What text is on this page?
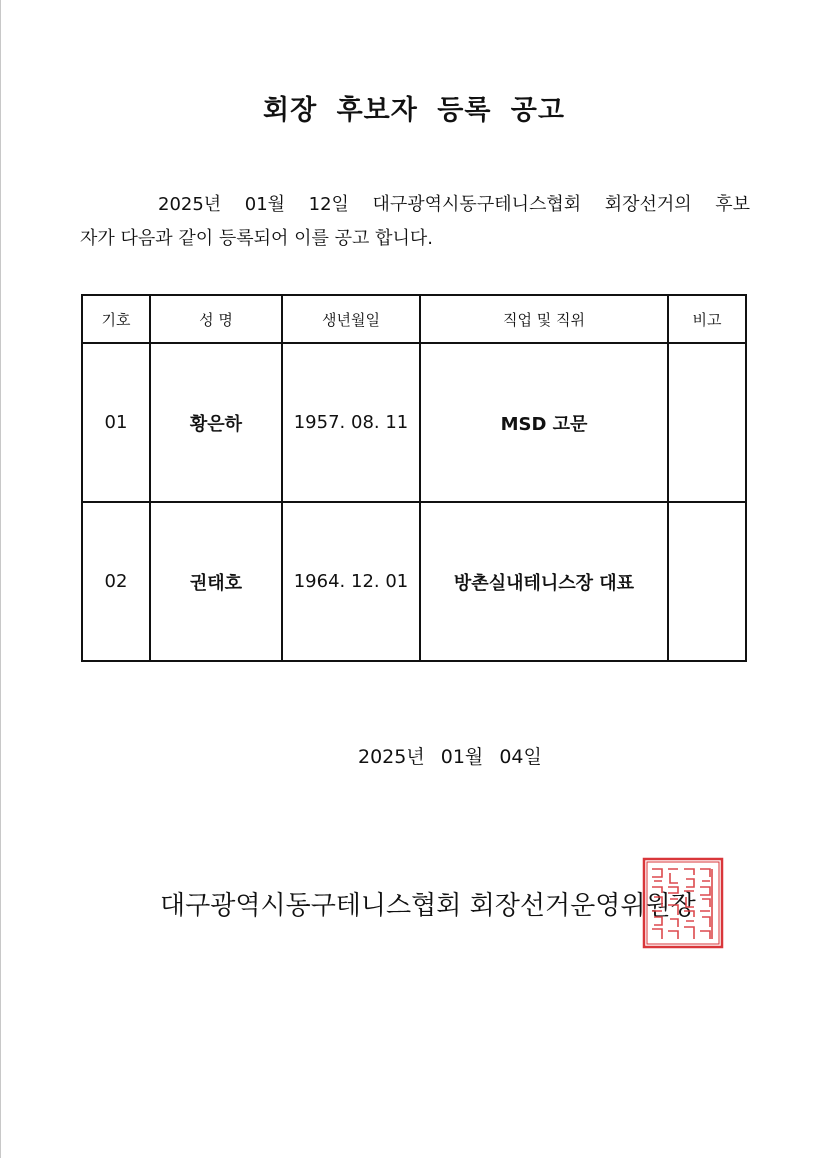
회장 후보자 등록 공고

2025년 01월 12일 대구광역시동구테니스협회 회장선거의 후보

자가 다음과 같이 등록되어 이를 공고 합니다.

기호	성 명	생년월일	직업 및 직위	비고
01	황은하	1957. 08. 11	MSD 고문	
02	권태호	1964. 12. 01	방촌실내테니스장 대표	
2025년 01월 04일
대구광역시동구테니스협회 회장선거운영위원장
